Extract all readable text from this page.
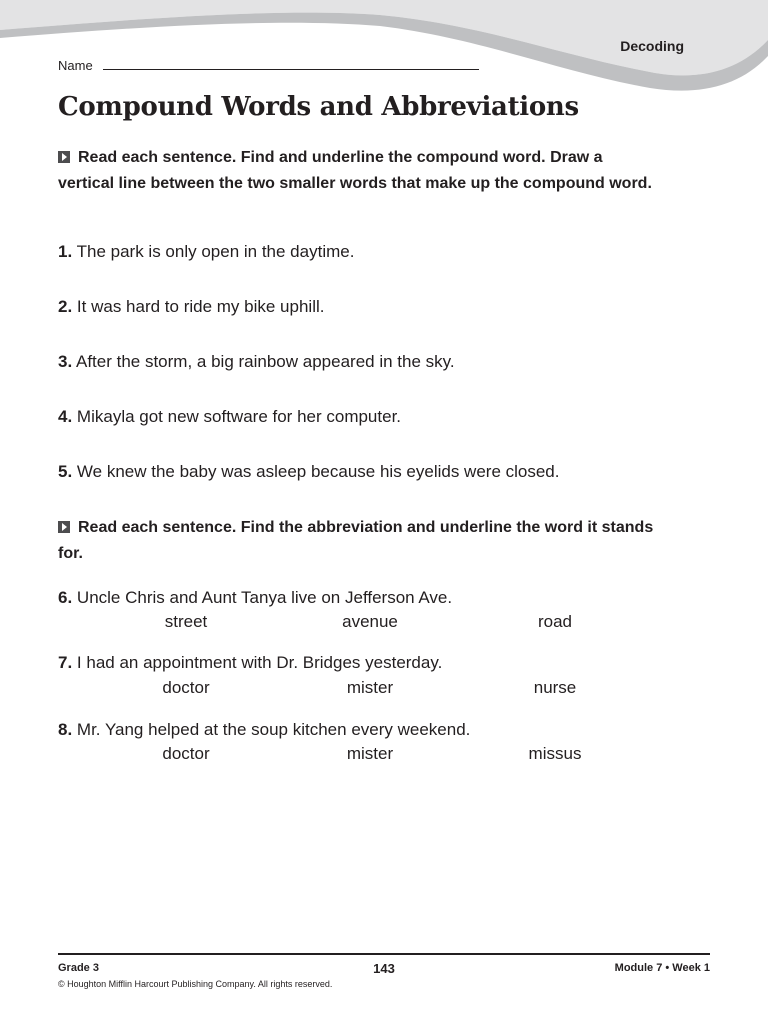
Decoding
Name
Compound Words and Abbreviations

Read each sentence. Find and underline the compound word. Draw a vertical line between the two smaller words that make up the compound word.

1. The park is only open in the daytime.

2. It was hard to ride my bike uphill.

3. After the storm, a big rainbow appeared in the sky.

4. Mikayla got new software for her computer.

5. We knew the baby was asleep because his eyelids were closed.

Read each sentence. Find the abbreviation and underline the word it stands for.

6. Uncle Chris and Aunt Tanya live on Jefferson Ave.

street	avenue	road

7. I had an appointment with Dr. Bridges yesterday.

doctor	mister	nurse

8. Mr. Yang helped at the soup kitchen every weekend.

doctor	mister	missus
Grade 3	143	Module 7 • Week 1
© Houghton Mifflin Harcourt Publishing Company. All rights reserved.
